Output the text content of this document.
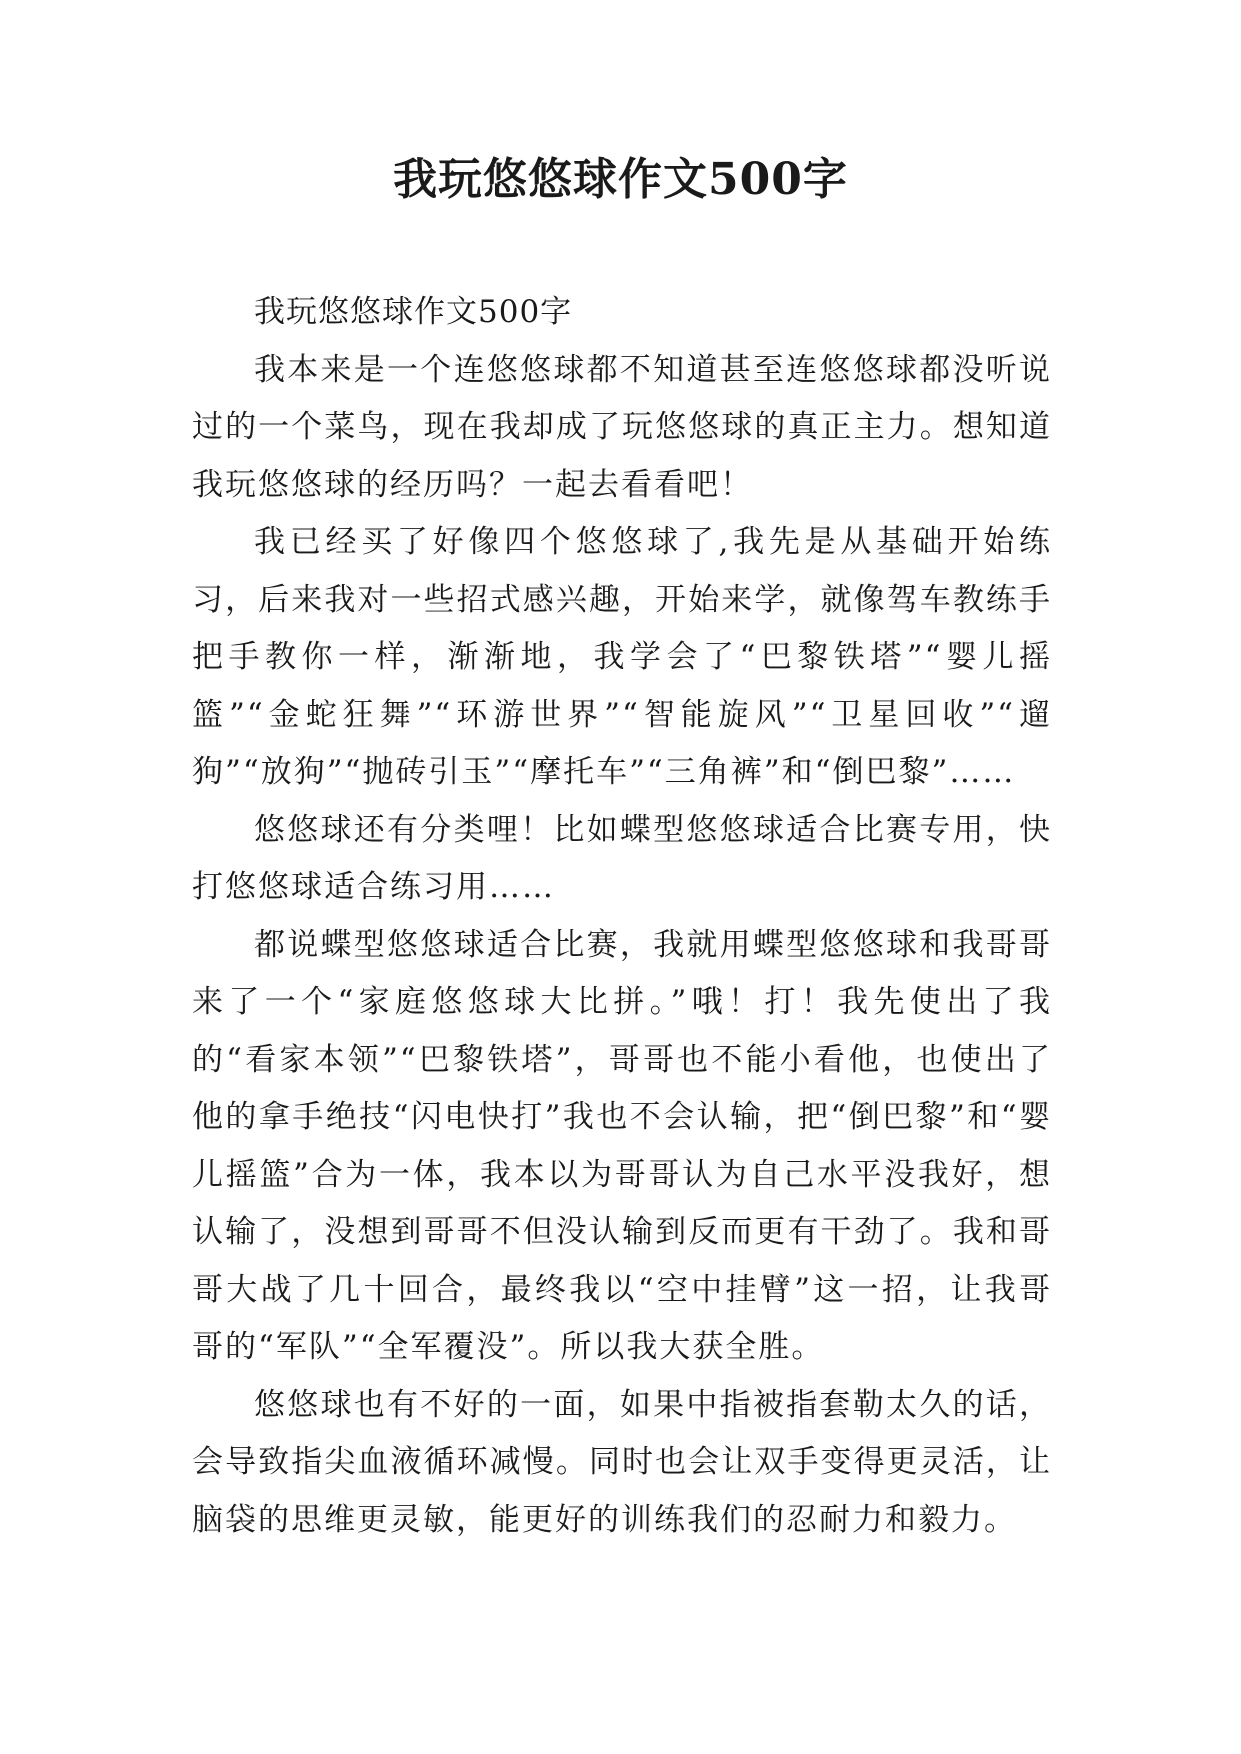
我玩悠悠球作文500字

我玩悠悠球作文500字

我本来是一个连悠悠球都不知道甚至连悠悠球都没听说过的一个菜鸟，现在我却成了玩悠悠球的真正主力。想知道我玩悠悠球的经历吗？一起去看看吧！

我已经买了好像四个悠悠球了,我先是从基础开始练习，后来我对一些招式感兴趣，开始来学，就像驾车教练手把手教你一样，渐渐地，我学会了“巴黎铁塔”“婴儿摇篮”“金蛇狂舞”“环游世界”“智能旋风”“卫星回收”“遛狗”“放狗”“抛砖引玉”“摩托车”“三角裤”和“倒巴黎”……

悠悠球还有分类哩！比如蝶型悠悠球适合比赛专用，快打悠悠球适合练习用……

都说蝶型悠悠球适合比赛，我就用蝶型悠悠球和我哥哥来了一个“家庭悠悠球大比拼。”哦！打！我先使出了我的“看家本领”“巴黎铁塔”，哥哥也不能小看他，也使出了他的拿手绝技“闪电快打”我也不会认输，把“倒巴黎”和“婴儿摇篮”合为一体，我本以为哥哥认为自己水平没我好，想认输了，没想到哥哥不但没认输到反而更有干劲了。我和哥哥大战了几十回合，最终我以“空中挂臂”这一招，让我哥哥的“军队”“全军覆没”。所以我大获全胜。

悠悠球也有不好的一面，如果中指被指套勒太久的话，会导致指尖血液循环减慢。同时也会让双手变得更灵活，让脑袋的思维更灵敏，能更好的训练我们的忍耐力和毅力。
